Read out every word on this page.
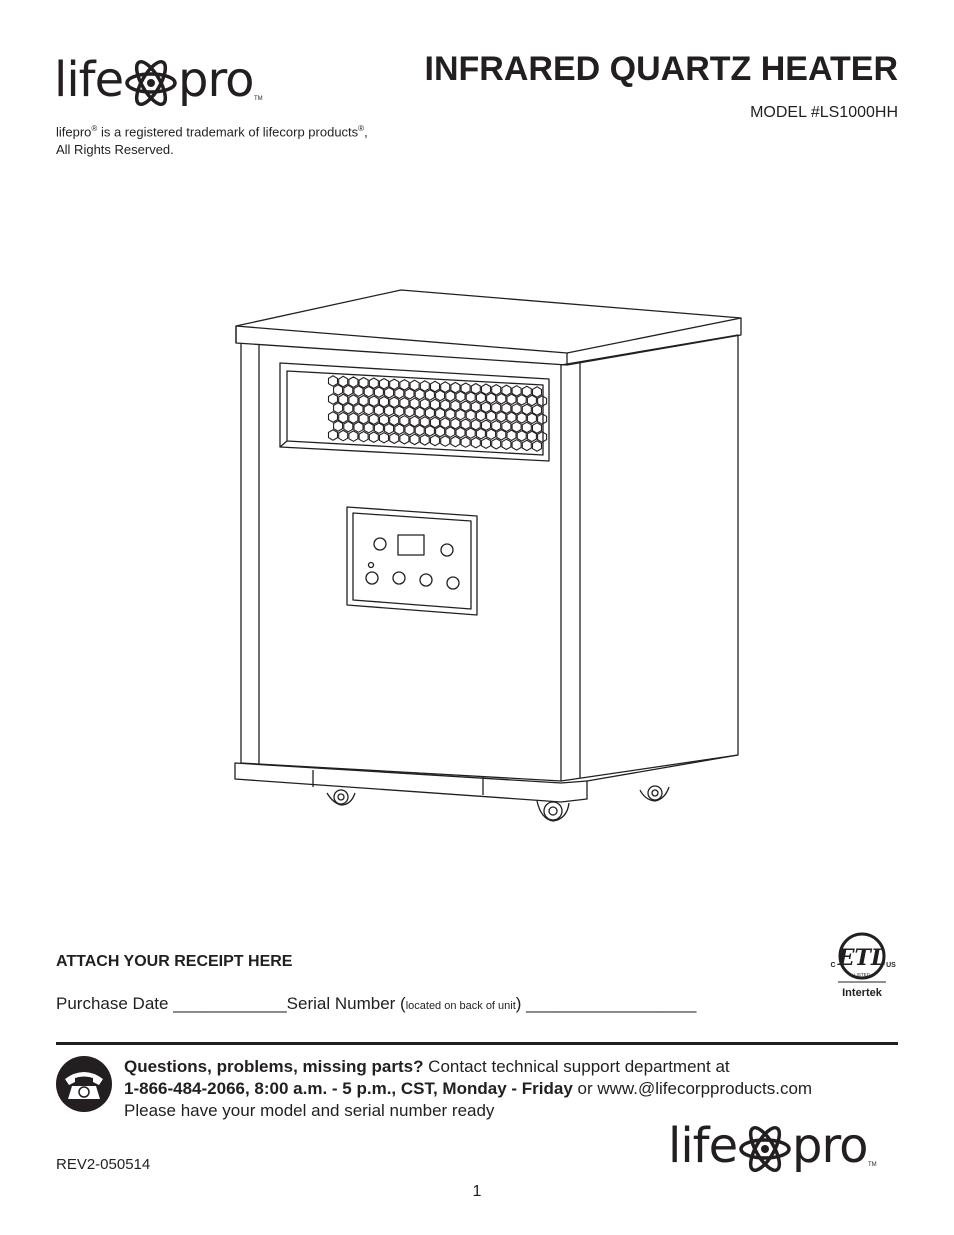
life pro TM
INFRARED QUARTZ HEATER
MODEL #LS1000HH
lifepro® is a registered trademark of lifecorp products®,
All Rights Reserved.
ETL
C	US
LISTED
Intertek
ATTACH YOUR RECEIPT HERE
Purchase Date ____________Serial Number (located on back of unit) __________________
Questions, problems, missing parts? Contact technical support department at
1-866-484-2066, 8:00 a.m. - 5 p.m., CST, Monday - Friday or www.@lifecorpproducts.com
Please have your model and serial number ready
life pro TM
REV2-050514
1
